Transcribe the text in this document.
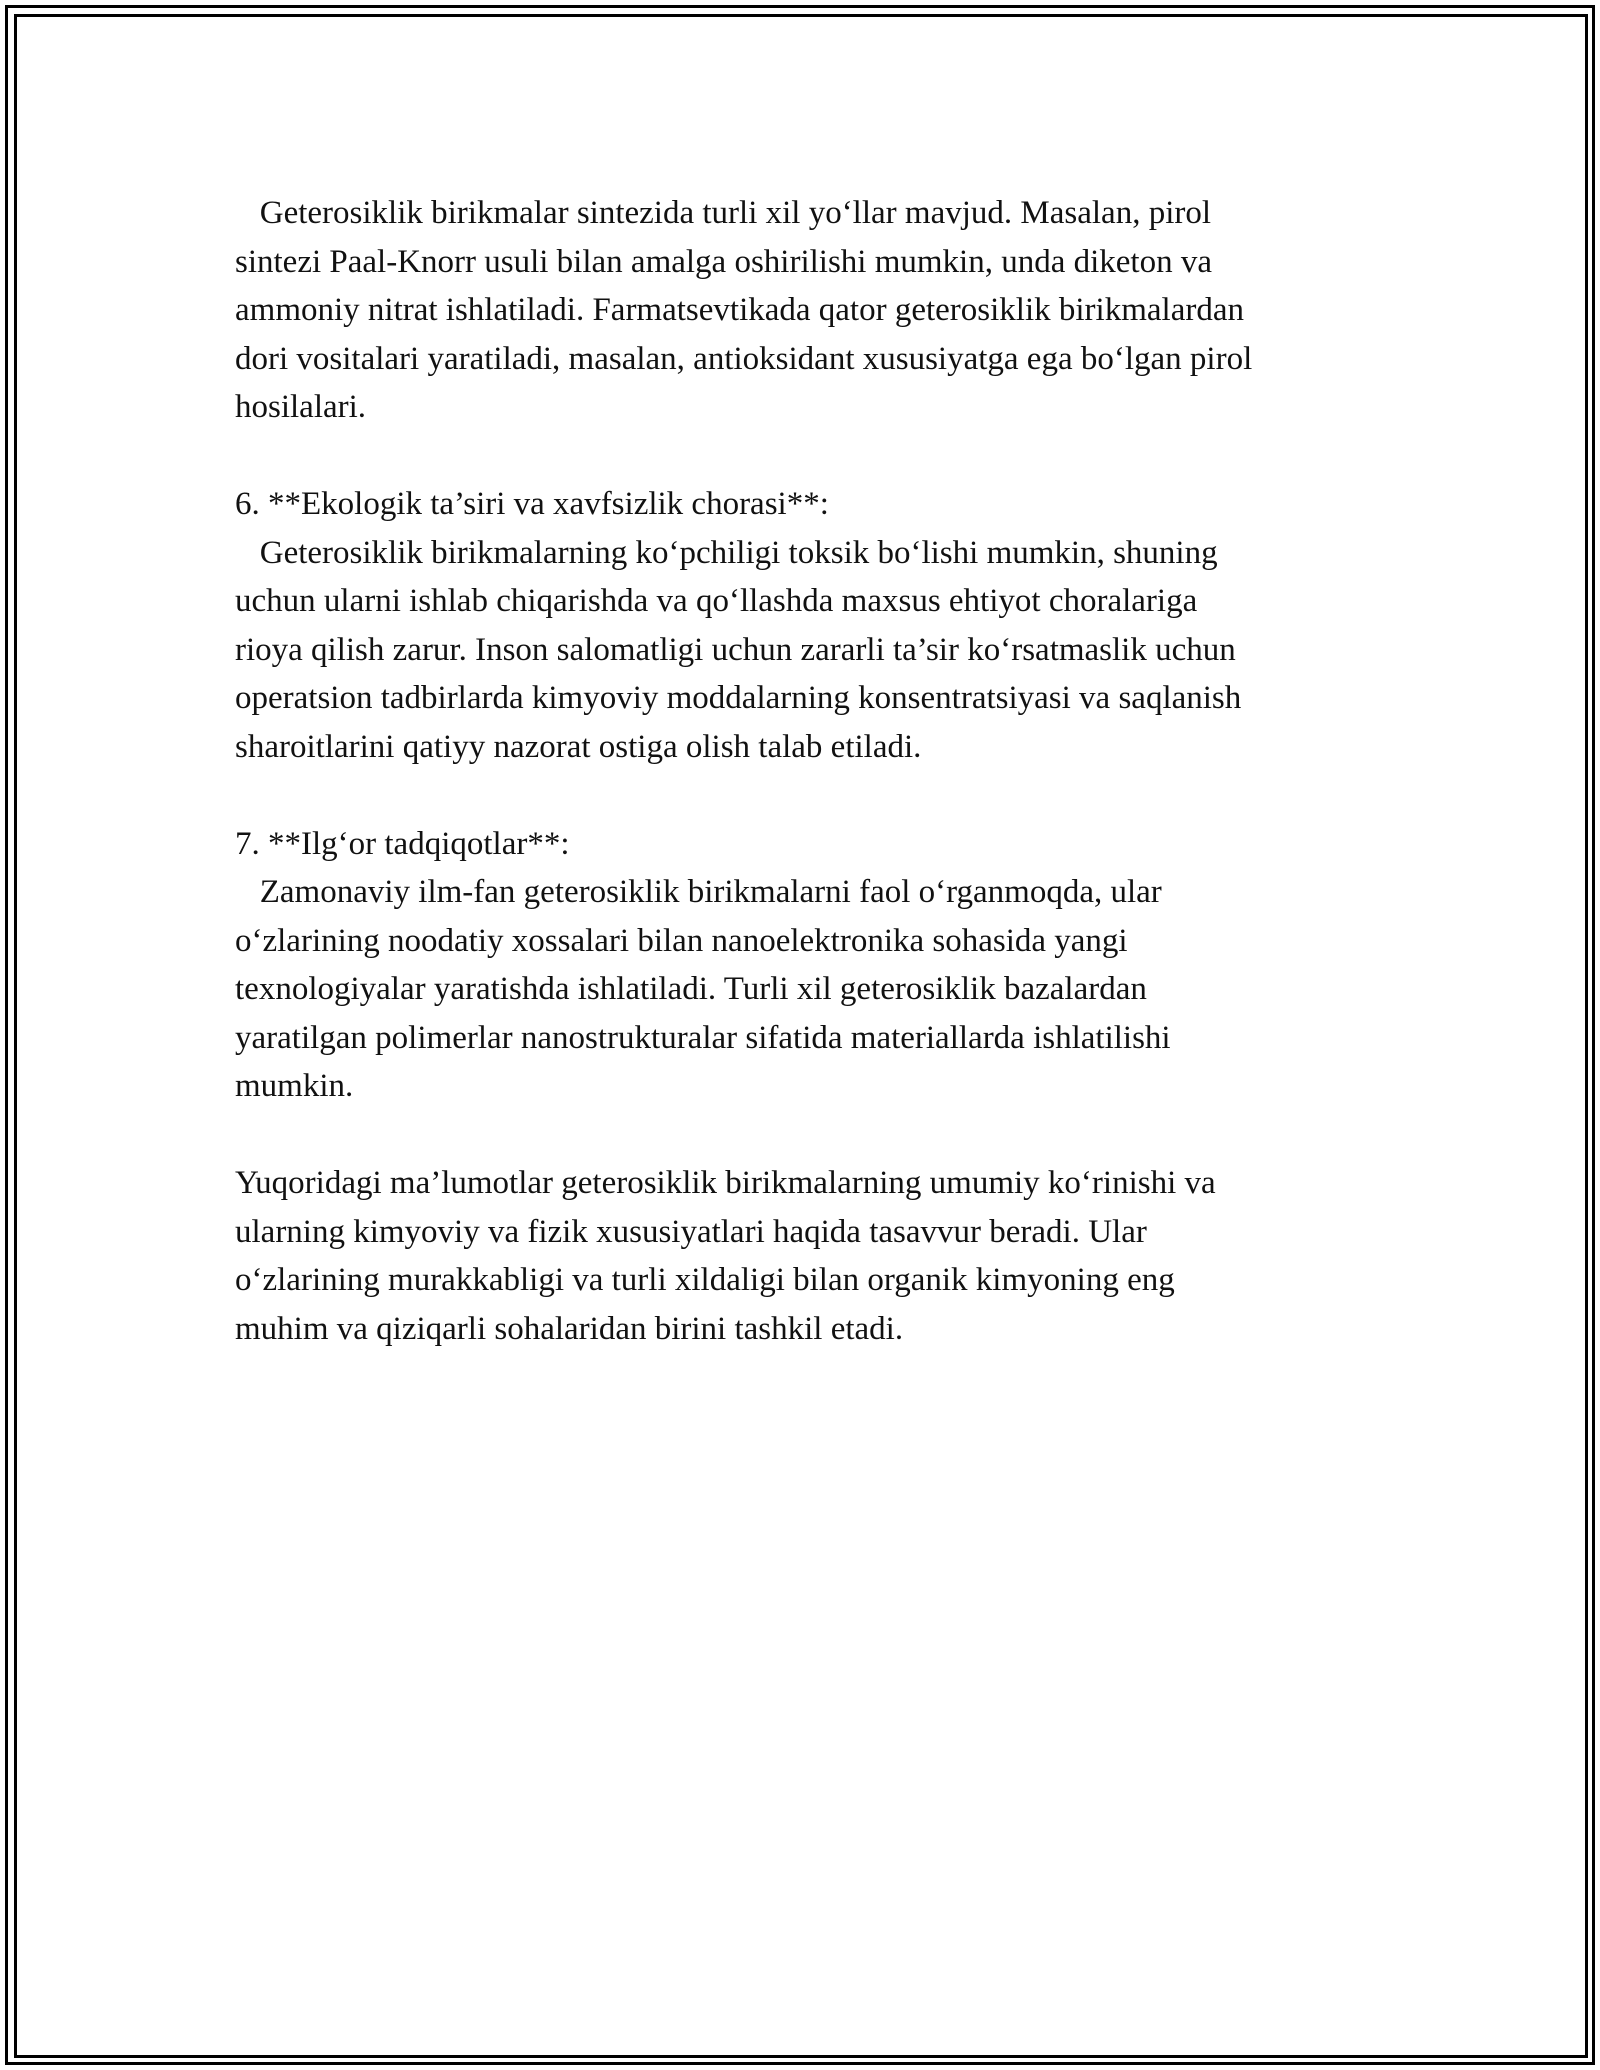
Geterosiklik birikmalar sintezida turli xil yo‘llar mavjud. Masalan, pirol
sintezi Paal-Knorr usuli bilan amalga oshirilishi mumkin, unda diketon va
ammoniy nitrat ishlatiladi. Farmatsevtikada qator geterosiklik birikmalardan
dori vositalari yaratiladi, masalan, antioksidant xususiyatga ega bo‘lgan pirol
hosilalari.
6. **Ekologik ta’siri va xavfsizlik chorasi**:
Geterosiklik birikmalarning ko‘pchiligi toksik bo‘lishi mumkin, shuning
uchun ularni ishlab chiqarishda va qo‘llashda maxsus ehtiyot choralariga
rioya qilish zarur. Inson salomatligi uchun zararli ta’sir ko‘rsatmaslik uchun
operatsion tadbirlarda kimyoviy moddalarning konsentratsiyasi va saqlanish
sharoitlarini qatiyy nazorat ostiga olish talab etiladi.
7. **Ilg‘or tadqiqotlar**:
Zamonaviy ilm-fan geterosiklik birikmalarni faol o‘rganmoqda, ular
o‘zlarining noodatiy xossalari bilan nanoelektronika sohasida yangi
texnologiyalar yaratishda ishlatiladi. Turli xil geterosiklik bazalardan
yaratilgan polimerlar nanostrukturalar sifatida materiallarda ishlatilishi
mumkin.
Yuqoridagi ma’lumotlar geterosiklik birikmalarning umumiy ko‘rinishi va
ularning kimyoviy va fizik xususiyatlari haqida tasavvur beradi. Ular
o‘zlarining murakkabligi va turli xildaligi bilan organik kimyoning eng
muhim va qiziqarli sohalaridan birini tashkil etadi.
